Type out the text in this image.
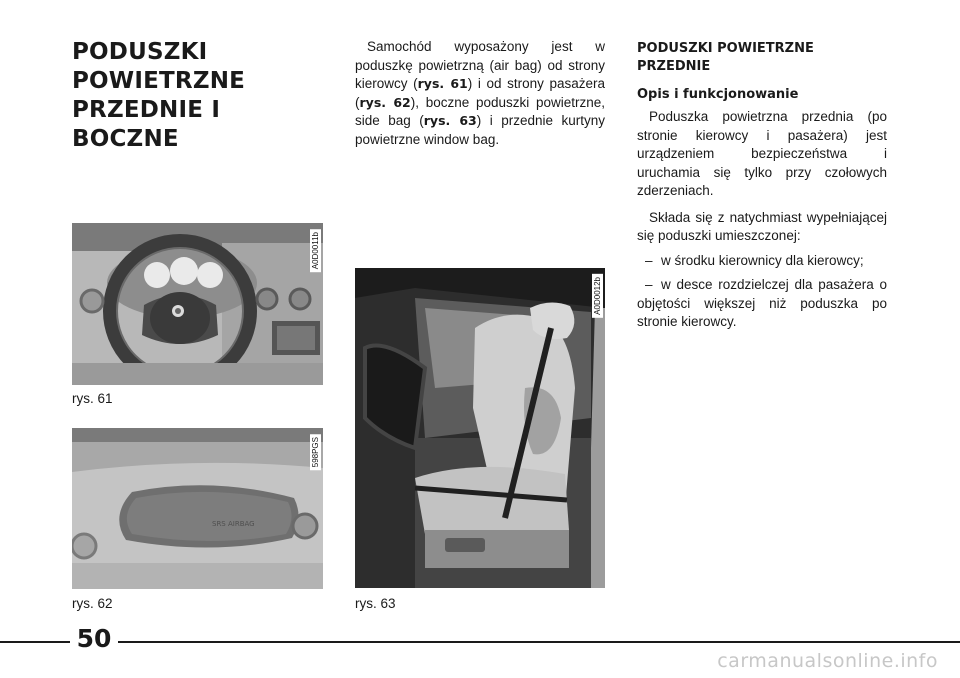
PODUSZKI
POWIETRZNE
PRZEDNIE I BOCZNE
Samochód wyposażony jest w poduszkę powietrzną (air bag) od strony kierowcy (rys. 61) i od strony pasażera (rys. 62), boczne poduszki powietrzne, side bag (rys. 63) i przednie kurtyny powietrzne window bag.
PODUSZKI POWIETRZNE PRZEDNIE
Opis i funkcjonowanie

Poduszka powietrzna przednia (po stronie kierowcy i pasażera) jest urządzeniem bezpieczeństwa i uruchamia się tylko przy czołowych zderzeniach.

Składa się z natychmiast wypełniającej się poduszki umieszczonej:

– w środku kierownicy dla kierowcy;
– w desce rozdzielczej dla pasażera o objętości większej niż poduszka po stronie kierowcy.
A0D0011b
rys. 61
SRS AIRBAG
598PGS
rys. 62
A0D0012b
rys. 63
50
carmanualsonline.info
